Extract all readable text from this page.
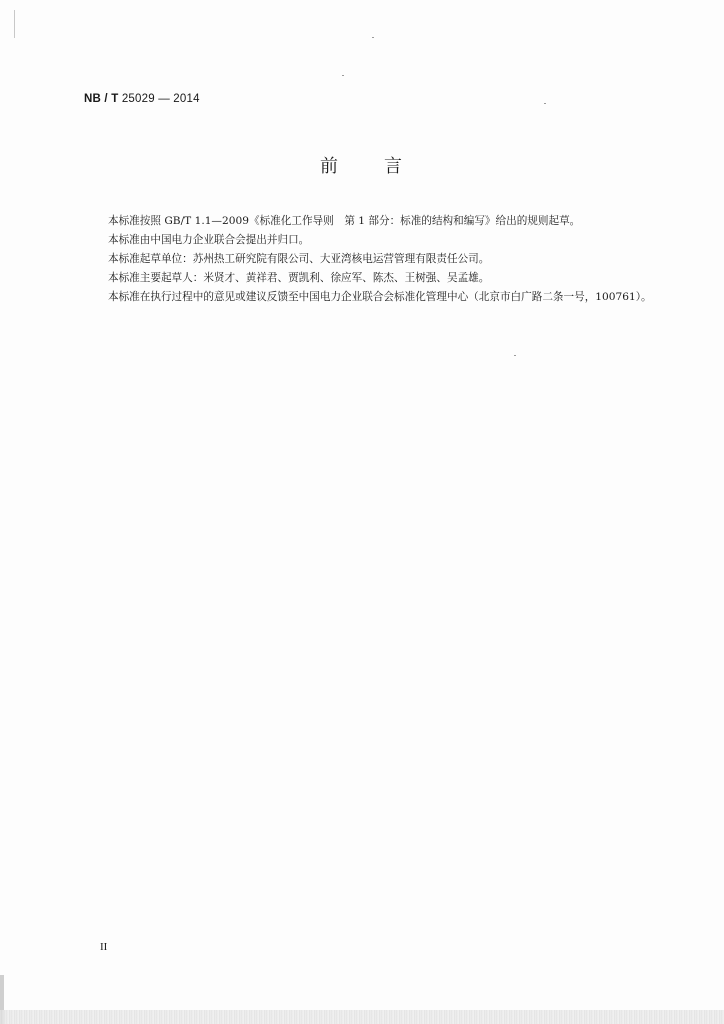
NB / T 25029 — 2014
前 言

本标准按照 GB/T 1.1—2009《标准化工作导则　第 1 部分：标准的结构和编写》给出的规则起草。

本标准由中国电力企业联合会提出并归口。

本标准起草单位：苏州热工研究院有限公司、大亚湾核电运营管理有限责任公司。

本标准主要起草人：米贤才、黄祥君、贾凯利、徐应军、陈杰、王树强、吴孟雄。

本标准在执行过程中的意见或建议反馈至中国电力企业联合会标准化管理中心（北京市白广路二条一号，100761）。

II
